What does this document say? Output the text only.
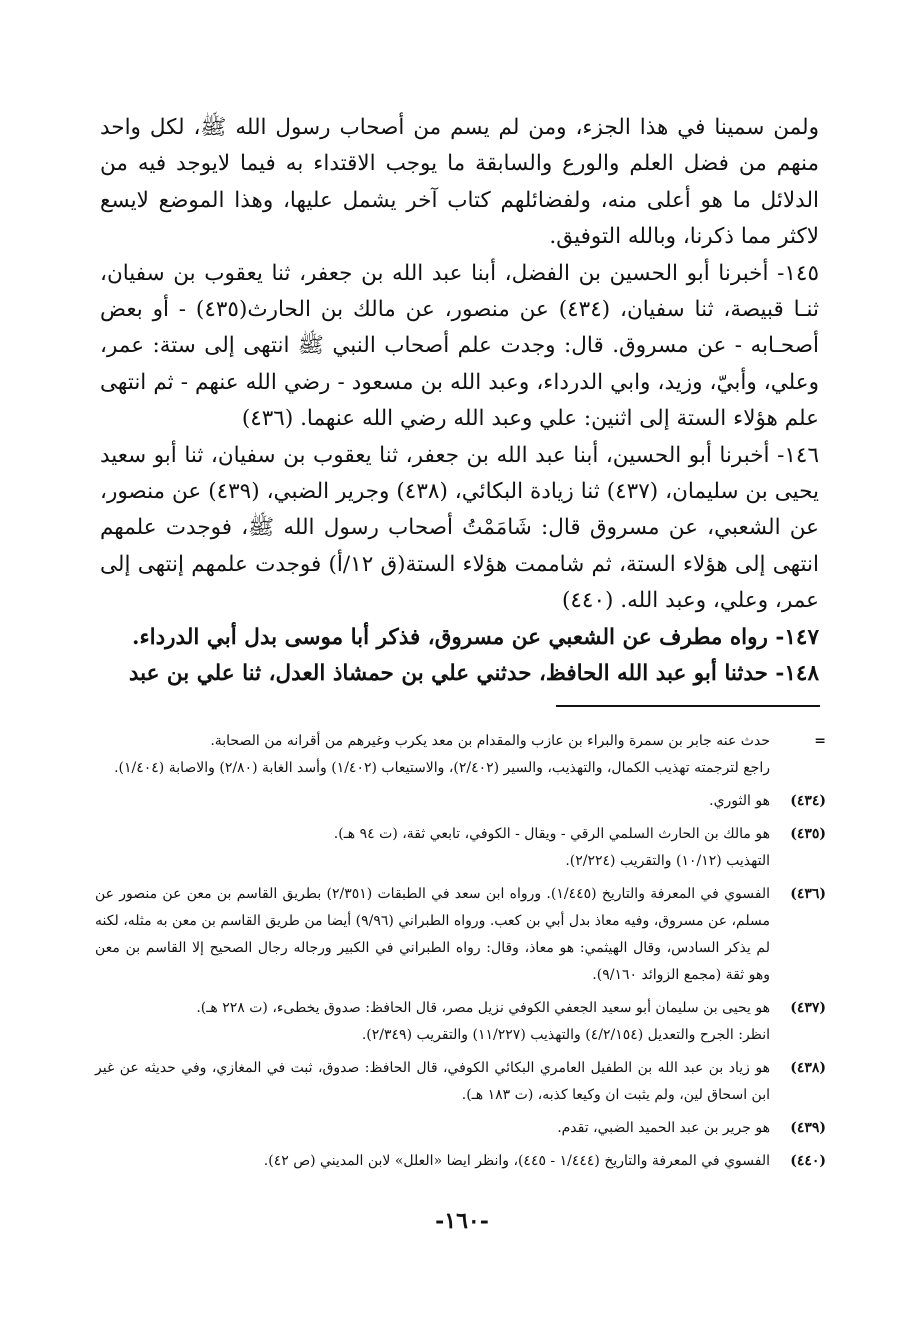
ولمن سمينا في هذا الجزء، ومن لم يسم من أصحاب رسول الله ﷺ، لكل واحد منهم من فضل العلم والورع والسابقة ما يوجب الاقتداء به فيما لايوجد فيه من الدلائل ما هو أعلى منه، ولفضائلهم كتاب آخر يشمل عليها، وهذا الموضع لايسع لاكثر مما ذكرنا، وبالله التوفيق.

١٤٥- أخبرنا أبو الحسين بن الفضل، أبنا عبد الله بن جعفر، ثنا يعقوب بن سفيان، ثنـا قبيصة، ثنا سفيان، (٤٣٤) عن منصور، عن مالك بن الحارث(٤٣٥) - أو بعض أصحـابه - عن مسروق. قال: وجدت علم أصحاب النبي ﷺ انتهى إلى ستة: عمر، وعلي، وأبيّ، وزيد، وابي الدرداء، وعبد الله بن مسعود - رضي الله عنهم - ثم انتهى علم هؤلاء الستة إلى اثنين: علي وعبد الله رضي الله عنهما. (٤٣٦)

١٤٦- أخبرنا أبو الحسين، أبنا عبد الله بن جعفر، ثنا يعقوب بن سفيان، ثنا أبو سعيد يحيى بن سليمان، (٤٣٧) ثنا زيادة البكائي، (٤٣٨) وجرير الضبي، (٤٣٩) عن منصور، عن الشعبي، عن مسروق قال: شَامَمْتُ أصحاب رسول الله ﷺ، فوجدت علمهم انتهى إلى هؤلاء الستة، ثم شاممت هؤلاء الستة(ق ١٢/أ) فوجدت علمهم إنتهى إلى عمر، وعلي، وعبد الله. (٤٤٠)

١٤٧- رواه مطرف عن الشعبي عن مسروق، فذكر أبا موسى بدل أبي الدرداء.

١٤٨- حدثنا أبو عبد الله الحافظ، حدثني علي بن حمشاذ العدل، ثنا علي بن عبد

=
حدث عنه جابر بن سمرة والبراء بن عازب والمقدام بن معد يكرب وغيرهم من أقرانه من الصحابة.
راجع لترجمته تهذيب الكمال، والتهذيب، والسير (٢/٤٠٢)، والاستيعاب (١/٤٠٢) وأسد الغابة (٢/٨٠) والاصابة (١/٤٠٤).
(٤٣٤)
هو الثوري.
(٤٣٥)
هو مالك بن الحارث السلمي الرقي - ويقال - الكوفي، تابعي ثقة، (ت ٩٤ هـ).
التهذيب (١٠/١٢) والتقريب (٢/٢٢٤).
(٤٣٦)
الفسوي في المعرفة والتاريخ (١/٤٤٥). ورواه ابن سعد في الطبقات (٢/٣٥١) بطريق القاسم بن معن عن منصور عن مسلم، عن مسروق، وفيه معاذ بدل أبي بن كعب. ورواه الطبراني (٩/٩٦) أيضا من طريق القاسم بن معن به مثله، لكنه لم يذكر السادس، وقال الهيثمي: هو معاذ، وقال: رواه الطبراني في الكبير ورجاله رجال الصحيح إلا القاسم بن معن وهو ثقة (مجمع الزوائد ٩/١٦٠).
(٤٣٧)
هو يحيى بن سليمان أبو سعيد الجعفي الكوفي نزيل مصر، قال الحافظ: صدوق يخطىء، (ت ٢٢٨ هـ).
انظر: الجرح والتعديل (٤/٢/١٥٤) والتهذيب (١١/٢٢٧) والتقريب (٢/٣٤٩).
(٤٣٨)
هو زياد بن عبد الله بن الطفيل العامري البكائي الكوفي، قال الحافظ: صدوق، ثبت في المغازي، وفي حديثه عن غير ابن اسحاق لين، ولم يثبت ان وكيعا كذبه، (ت ١٨٣ هـ).
(٤٣٩)
هو جرير بن عبد الحميد الضبي، تقدم.
(٤٤٠)
الفسوي في المعرفة والتاريخ (١/٤٤٤ - ٤٤٥)، وانظر ايضا «العلل» لابن المديني (ص ٤٢).
-١٦٠-
